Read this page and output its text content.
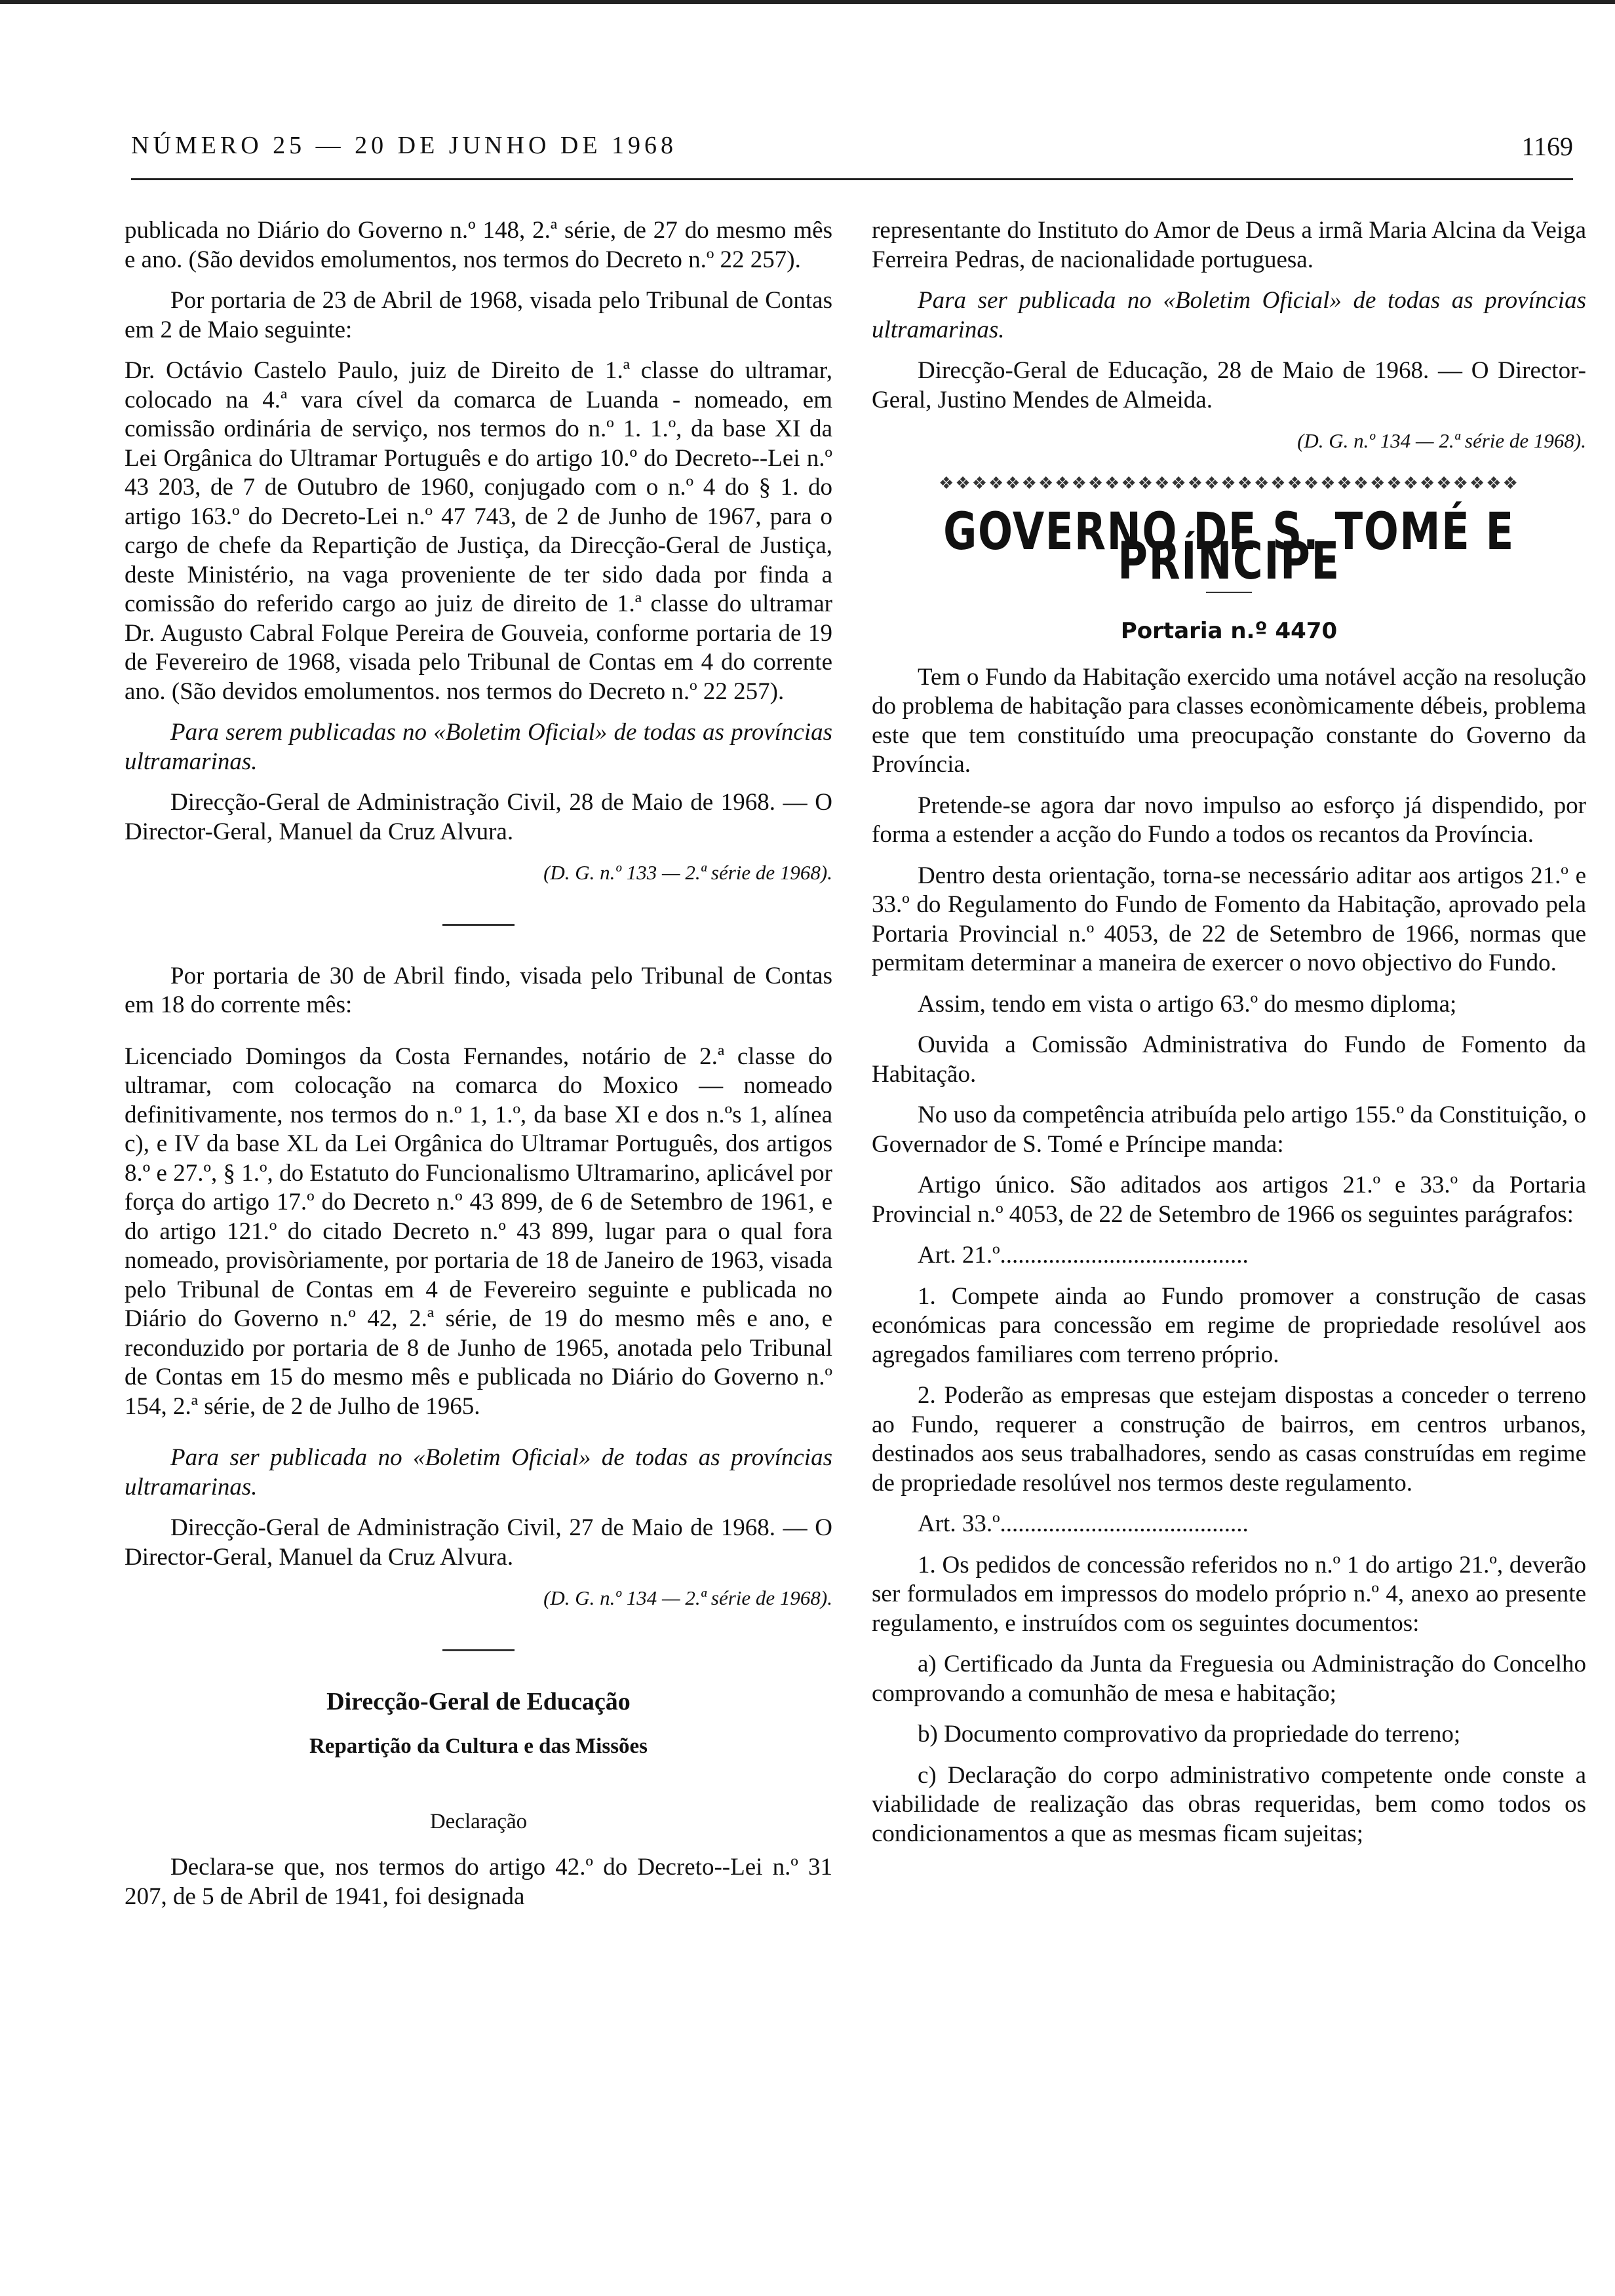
NÚMERO 25 — 20 DE JUNHO DE 1968	1169

publicada no Diário do Governo n.º 148, 2.ª série, de 27 do mesmo mês e ano. (São devidos emolumentos, nos termos do Decreto n.º 22 257).

Por portaria de 23 de Abril de 1968, visada pelo Tribunal de Contas em 2 de Maio seguinte:

Dr. Octávio Castelo Paulo, juiz de Direito de 1.ª classe do ultramar, colocado na 4.ª vara cível da comarca de Luanda - nomeado, em comissão ordinária de serviço, nos termos do n.º 1. 1.º, da base XI da Lei Orgânica do Ultramar Português e do artigo 10.º do Decreto--Lei n.º 43 203, de 7 de Outubro de 1960, conjugado com o n.º 4 do § 1. do artigo 163.º do Decreto-Lei n.º 47 743, de 2 de Junho de 1967, para o cargo de chefe da Repartição de Justiça, da Direcção-Geral de Justiça, deste Ministério, na vaga proveniente de ter sido dada por finda a comissão do referido cargo ao juiz de direito de 1.ª classe do ultramar Dr. Augusto Cabral Folque Pereira de Gouveia, conforme portaria de 19 de Fevereiro de 1968, visada pelo Tribunal de Contas em 4 do corrente ano. (São devidos emolumentos. nos termos do Decreto n.º 22 257).

Para serem publicadas no «Boletim Oficial» de todas as províncias ultramarinas.

Direcção-Geral de Administração Civil, 28 de Maio de 1968. — O Director-Geral, Manuel da Cruz Alvura.

(D. G. n.º 133 — 2.ª série de 1968).

Por portaria de 30 de Abril findo, visada pelo Tribunal de Contas em 18 do corrente mês:

Licenciado Domingos da Costa Fernandes, notário de 2.ª classe do ultramar, com colocação na comarca do Moxico — nomeado definitivamente, nos termos do n.º 1, 1.º, da base XI e dos n.ºs 1, alínea c), e IV da base XL da Lei Orgânica do Ultramar Português, dos artigos 8.º e 27.º, § 1.º, do Estatuto do Funcionalismo Ultramarino, aplicável por força do artigo 17.º do Decreto n.º 43 899, de 6 de Setembro de 1961, e do artigo 121.º do citado Decreto n.º 43 899, lugar para o qual fora nomeado, provisòriamente, por portaria de 18 de Janeiro de 1963, visada pelo Tribunal de Contas em 4 de Fevereiro seguinte e publicada no Diário do Governo n.º 42, 2.ª série, de 19 do mesmo mês e ano, e reconduzido por portaria de 8 de Junho de 1965, anotada pelo Tribunal de Contas em 15 do mesmo mês e publicada no Diário do Governo n.º 154, 2.ª série, de 2 de Julho de 1965.

Para ser publicada no «Boletim Oficial» de todas as províncias ultramarinas.

Direcção-Geral de Administração Civil, 27 de Maio de 1968. — O Director-Geral, Manuel da Cruz Alvura.

(D. G. n.º 134 — 2.ª série de 1968).

Direcção-Geral de Educação
Repartição da Cultura e das Missões
Declaração

Declara-se que, nos termos do artigo 42.º do Decreto--Lei n.º 31 207, de 5 de Abril de 1941, foi designada

representante do Instituto do Amor de Deus a irmã Maria Alcina da Veiga Ferreira Pedras, de nacionalidade portuguesa.

Para ser publicada no «Boletim Oficial» de todas as províncias ultramarinas.

Direcção-Geral de Educação, 28 de Maio de 1968. — O Director-Geral, Justino Mendes de Almeida.

(D. G. n.º 134 — 2.ª série de 1968).

❖❖❖❖❖❖❖❖❖❖❖❖❖❖❖❖❖❖❖❖❖❖❖❖❖❖❖❖❖❖❖❖❖❖❖
GOVERNO DE S. TOMÉ E PRÍNCIPE
Portaria n.º 4470

Tem o Fundo da Habitação exercido uma notável acção na resolução do problema de habitação para classes econòmicamente débeis, problema este que tem constituído uma preocupação constante do Governo da Província.

Pretende-se agora dar novo impulso ao esforço já dispendido, por forma a estender a acção do Fundo a todos os recantos da Província.

Dentro desta orientação, torna-se necessário aditar aos artigos 21.º e 33.º do Regulamento do Fundo de Fomento da Habitação, aprovado pela Portaria Provincial n.º 4053, de 22 de Setembro de 1966, normas que permitam determinar a maneira de exercer o novo objectivo do Fundo.

Assim, tendo em vista o artigo 63.º do mesmo diploma;

Ouvida a Comissão Administrativa do Fundo de Fomento da Habitação.

No uso da competência atribuída pelo artigo 155.º da Constituição, o Governador de S. Tomé e Príncipe manda:

Artigo único. São aditados aos artigos 21.º e 33.º da Portaria Provincial n.º 4053, de 22 de Setembro de 1966 os seguintes parágrafos:

Art. 21.º.........................................

1. Compete ainda ao Fundo promover a construção de casas económicas para concessão em regime de propriedade resolúvel aos agregados familiares com terreno próprio.

2. Poderão as empresas que estejam dispostas a conceder o terreno ao Fundo, requerer a construção de bairros, em centros urbanos, destinados aos seus trabalhadores, sendo as casas construídas em regime de propriedade resolúvel nos termos deste regulamento.

Art. 33.º.........................................

1. Os pedidos de concessão referidos no n.º 1 do artigo 21.º, deverão ser formulados em impressos do modelo próprio n.º 4, anexo ao presente regulamento, e instruídos com os seguintes documentos:

a) Certificado da Junta da Freguesia ou Administração do Concelho comprovando a comunhão de mesa e habitação;

b) Documento comprovativo da propriedade do terreno;

c) Declaração do corpo administrativo competente onde conste a viabilidade de realização das obras requeridas, bem como todos os condicionamentos a que as mesmas ficam sujeitas;
